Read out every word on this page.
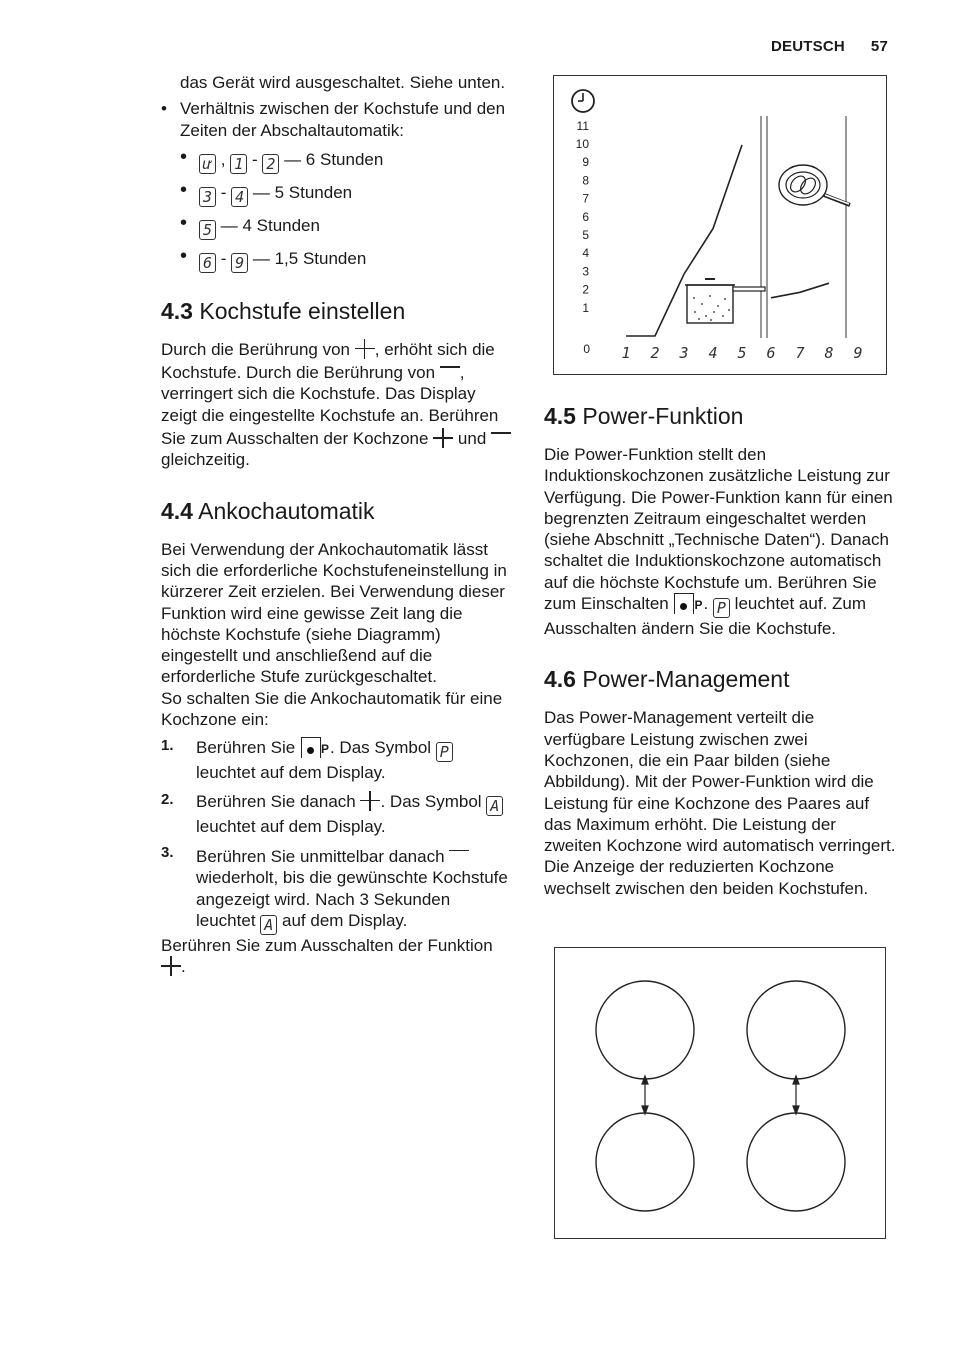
DEUTSCH 57

das Gerät wird ausgeschaltet. Siehe unten.

• Verhältnis zwischen der Kochstufe und den Zeiten der Abschaltautomatik:

• ư , 1 - 2 — 6 Stunden

• 3 - 4 — 5 Stunden

• 5 — 4 Stunden

• 6 - 9 — 1,5 Stunden

4.3 Kochstufe einstellen

Durch die Berührung von , erhöht sich die Kochstufe. Durch die Berührung von , verringert sich die Kochstufe. Das Display zeigt die eingestellte Kochstufe an. Berühren Sie zum Ausschalten der Kochzone und  gleichzeitig.

4.4 Ankochautomatik

Bei Verwendung der Ankochautomatik lässt sich die erforderliche Kochstufeneinstellung in kürzerer Zeit erzielen. Bei Verwendung dieser Funktion wird eine gewisse Zeit lang die höchste Kochstufe (siehe Diagramm) eingestellt und anschließend auf die erforderliche Stufe zurückgeschaltet.

So schalten Sie die Ankochautomatik für eine Kochzone ein:

1. Berühren Sie P . Das Symbol P leuchtet auf dem Display.

2. Berühren Sie danach . Das Symbol A leuchtet auf dem Display.

3. Berühren Sie unmittelbar danach  wiederholt, bis die gewünschte Kochstufe angezeigt wird. Nach 3 Sekunden leuchtet A auf dem Display.

Berühren Sie zum Ausschalten der Funktion .

0
1
2
3
4
5
6
7
8
9
10
11
1 2 3 4 5 6 7 8 9
4.5 Power-Funktion

Die Power-Funktion stellt den Induktionskochzonen zusätzliche Leistung zur Verfügung. Die Power-Funktion kann für einen begrenzten Zeitraum eingeschaltet werden (siehe Abschnitt „Technische Daten“). Danach schaltet die Induktionskochzone automatisch auf die höchste Kochstufe um. Berühren Sie zum Einschalten P . P leuchtet auf. Zum Ausschalten ändern Sie die Kochstufe.

4.6 Power-Management

Das Power-Management verteilt die verfügbare Leistung zwischen zwei Kochzonen, die ein Paar bilden (siehe Abbildung). Mit der Power-Funktion wird die Leistung für eine Kochzone des Paares auf das Maximum erhöht. Die Leistung der zweiten Kochzone wird automatisch verringert. Die Anzeige der reduzierten Kochzone wechselt zwischen den beiden Kochstufen.
